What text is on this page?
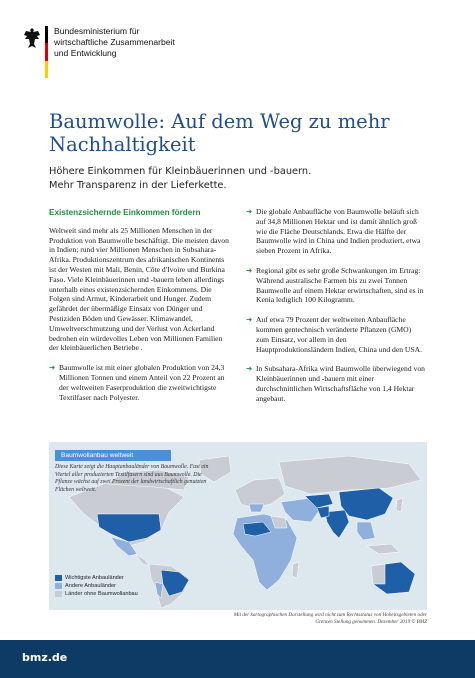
Bundesministerium für
wirtschaftliche Zusammenarbeit
und Entwicklung
Baumwolle: Auf dem Weg zu mehr Nachhaltigkeit
Höhere Einkommen für Kleinbäuerinnen und -bauern.
Mehr Transparenz in der Lieferkette.
Existenzsichernde Einkommen fördern
Weltweit sind mehr als 25 Millionen Menschen in der Produktion von Baumwolle beschäftigt. Die meisten davon in Indien; rund vier Millionen Menschen in Subsahara-Afrika. Produktionszentrum des afrikanischen Kontinents ist der Westen mit Mali, Benin, Côte d'Ivoire und Burkina Faso. Viele Kleinbäuerinnen und -bauern leben allerdings unterhalb eines existenzsichernden Einkommens. Die Folgen sind Armut, Kinderarbeit und Hunger. Zudem gefährdet der übermäßige Einsatz von Dünger und Pestiziden Böden und Gewässer. Klimawandel, Umweltverschmutzung und der Verlust von Ackerland bedrohen ein würdevolles Leben von Millionen Familien der kleinbäuerlichen Betriebe .
➜ Baumwolle ist mit einer globalen Produktion von 24,3 Millionen Tonnen und einem Anteil von 22 Prozent an der weltweiten Faserproduktion die zweitwichtigste Textilfaser nach Polyester.
➜ Die globale Anbaufläche von Baumwolle beläuft sich auf 34,8 Millionen Hektar und ist damit ähnlich groß wie die Fläche Deutschlands. Etwa die Hälfte der Baumwolle wird in China und Indien produziert, etwa sieben Prozent in Afrika.
➜ Regional gibt es sehr große Schwankungen im Ertrag: Während australische Farmen bis zu zwei Tonnen Baumwolle auf einem Hektar erwirtschaften, sind es in Kenia lediglich 100 Kilogramm.
➜ Auf etwa 79 Prozent der weltweiten Anbaufläche kommen gentechnisch veränderte Pflanzen (GMO) zum Einsatz, vor allem in den Hauptproduktionsländern Indien, China und den USA.
➜ In Subsahara-Afrika wird Baumwolle überwiegend von Kleinbäuerinnen und -bauern mit einer durchschnittlichen Wirtschaftsfläche von 1,4 Hektar angebaut.
Baumwollanbau weltweit
Diese Karte zeigt die Hauptanbauländer von Baumwolle. Fast ein Viertel aller produzierten Textilfasern sind aus Baumwolle. Die Pflanze wächst auf zwei Prozent der landwirtschaftlich genutzten Flächen weltweit.
Wichtigste Anbauländer
Andere Anbauländer
Länder ohne Baumwollanbau
Mit der kartographischen Darstellung wird nicht zum Rechtsstatus von Hoheitsgebieten oder Grenzen Stellung genommen. Dezember 2019 © BMZ
bmz.de
